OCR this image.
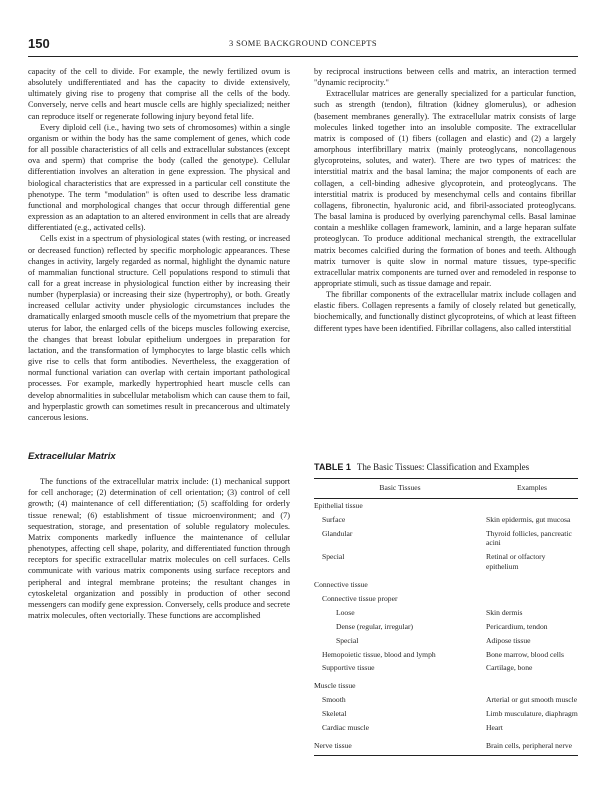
150	3 SOME BACKGROUND CONCEPTS

capacity of the cell to divide. For example, the newly fertilized ovum is absolutely undifferentiated and has the capacity to divide extensively, ultimately giving rise to progeny that comprise all the cells of the body. Conversely, nerve cells and heart muscle cells are highly specialized; neither can reproduce itself or regenerate following injury beyond fetal life.

Every diploid cell (i.e., having two sets of chromosomes) within a single organism or within the body has the same complement of genes, which code for all possible characteristics of all cells and extracellular substances (except ova and sperm) that comprise the body (called the genotype). Cellular differentiation involves an alteration in gene expression. The physical and biological characteristics that are expressed in a particular cell constitute the phenotype. The term "modulation" is often used to describe less dramatic functional and morphological changes that occur through differential gene expression as an adaptation to an altered environment in cells that are already differentiated (e.g., activated cells).

Cells exist in a spectrum of physiological states (with resting, or increased or decreased function) reflected by specific morphologic appearances. These changes in activity, largely regarded as normal, highlight the dynamic nature of mammalian functional structure. Cell populations respond to stimuli that call for a great increase in physiological function either by increasing their number (hyperplasia) or increasing their size (hypertrophy), or both. Greatly increased cellular activity under physiologic circumstances includes the dramatically enlarged smooth muscle cells of the myometrium that prepare the uterus for labor, the enlarged cells of the biceps muscles following exercise, the changes that breast lobular epithelium undergoes in preparation for lactation, and the transformation of lymphocytes to large blastic cells which give rise to cells that form antibodies. Nevertheless, the exaggeration of normal functional variation can overlap with certain important pathological processes. For example, markedly hypertrophied heart muscle cells can develop abnormalities in subcellular metabolism which can cause them to fail, and hyperplastic growth can sometimes result in precancerous and ultimately cancerous lesions.

Extracellular Matrix

The functions of the extracellular matrix include: (1) mechanical support for cell anchorage; (2) determination of cell orientation; (3) control of cell growth; (4) maintenance of cell differentiation; (5) scaffolding for orderly tissue renewal; (6) establishment of tissue microenvironment; and (7) sequestration, storage, and presentation of soluble regulatory molecules. Matrix components markedly influence the maintenance of cellular phenotypes, affecting cell shape, polarity, and differentiated function through receptors for specific extracellular matrix molecules on cell surfaces. Cells communicate with various matrix components using surface receptors and peripheral and integral membrane proteins; the resultant changes in cytoskeletal organization and possibly in production of other second messengers can modify gene expression. Conversely, cells produce and secrete matrix molecules, often vectorially. These functions are accomplished

by reciprocal instructions between cells and matrix, an interaction termed "dynamic reciprocity."

Extracellular matrices are generally specialized for a particular function, such as strength (tendon), filtration (kidney glomerulus), or adhesion (basement membranes generally). The extracellular matrix consists of large molecules linked together into an insoluble composite. The extracellular matrix is composed of (1) fibers (collagen and elastic) and (2) a largely amorphous interfibrillary matrix (mainly proteoglycans, noncollagenous glycoproteins, solutes, and water). There are two types of matrices: the interstitial matrix and the basal lamina; the major components of each are collagen, a cell-binding adhesive glycoprotein, and proteoglycans. The interstitial matrix is produced by mesenchymal cells and contains fibrillar collagens, fibronectin, hyaluronic acid, and fibril-associated proteoglycans. The basal lamina is produced by overlying parenchymal cells. Basal laminae contain a meshlike collagen framework, laminin, and a large heparan sulfate proteoglycan. To produce additional mechanical strength, the extracellular matrix becomes calcified during the formation of bones and teeth. Although matrix turnover is quite slow in normal mature tissues, type-specific extracellular matrix components are turned over and remodeled in response to appropriate stimuli, such as tissue damage and repair.

The fibrillar components of the extracellular matrix include collagen and elastic fibers. Collagen represents a family of closely related but genetically, biochemically, and functionally distinct glycoproteins, of which at least fifteen different types have been identified. Fibrillar collagens, also called interstitial

TABLE 1 The Basic Tissues: Classification and Examples
Basic Tissues	Examples
Epithelial tissue	
Surface	Skin epidermis, gut mucosa
Glandular	Thyroid follicles, pancreatic acini
Special	Retinal or olfactory epithelium
Connective tissue	
Connective tissue proper	
Loose	Skin dermis
Dense (regular, irregular)	Pericardium, tendon
Special	Adipose tissue
Hemopoietic tissue, blood and lymph	Bone marrow, blood cells
Supportive tissue	Cartilage, bone
Muscle tissue	
Smooth	Arterial or gut smooth muscle
Skeletal	Limb musculature, diaphragm
Cardiac muscle	Heart
Nerve tissue	Brain cells, peripheral nerve
